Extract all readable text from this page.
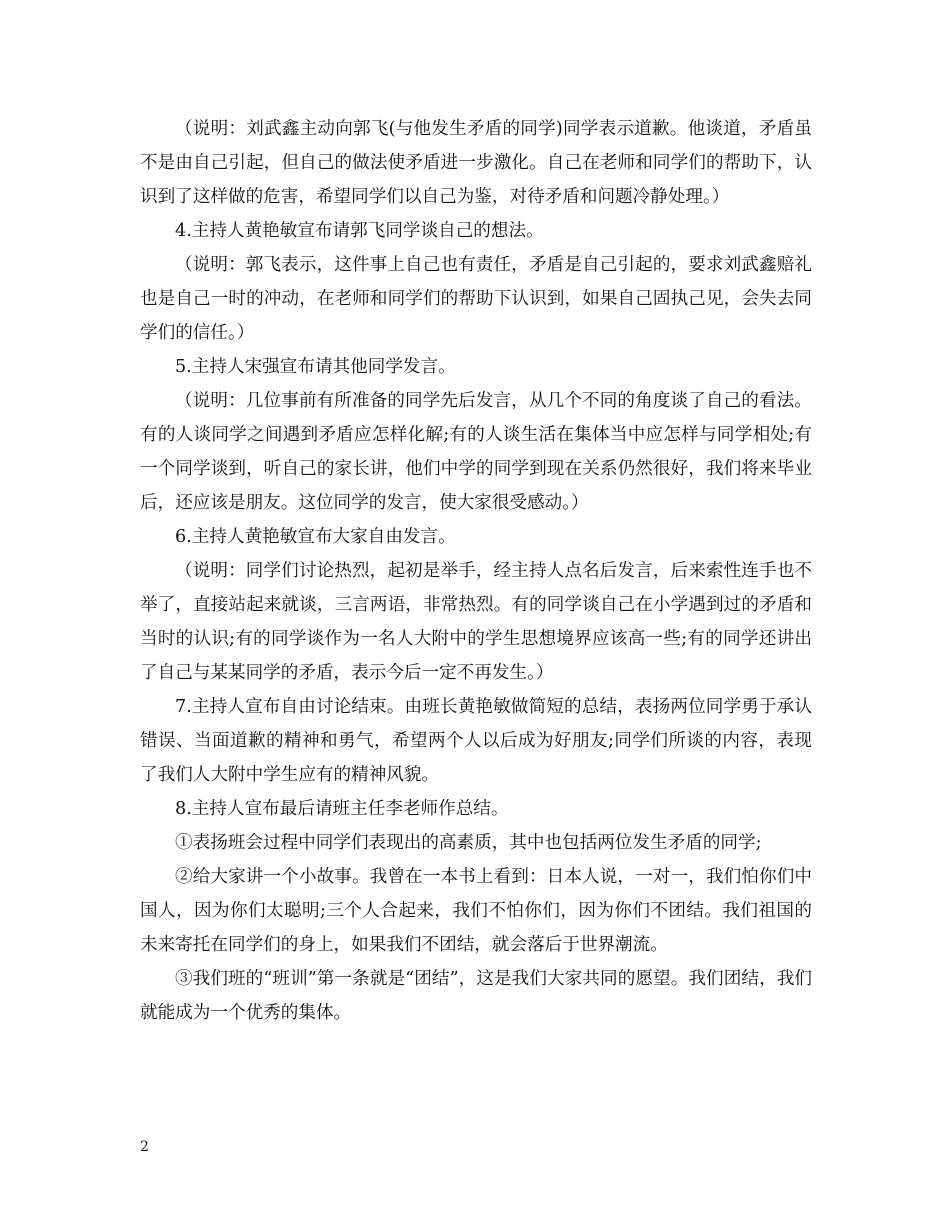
（说明：刘武鑫主动向郭飞(与他发生矛盾的同学)同学表示道歉。他谈道，矛盾虽不是由自己引起，但自己的做法使矛盾进一步激化。自己在老师和同学们的帮助下，认识到了这样做的危害，希望同学们以自己为鉴，对待矛盾和问题冷静处理。）

4.主持人黄艳敏宣布请郭飞同学谈自己的想法。

（说明：郭飞表示，这件事上自己也有责任，矛盾是自己引起的，要求刘武鑫赔礼也是自己一时的冲动，在老师和同学们的帮助下认识到，如果自己固执己见，会失去同学们的信任。）

5.主持人宋强宣布请其他同学发言。

（说明：几位事前有所准备的同学先后发言，从几个不同的角度谈了自己的看法。有的人谈同学之间遇到矛盾应怎样化解;有的人谈生活在集体当中应怎样与同学相处;有一个同学谈到，听自己的家长讲，他们中学的同学到现在关系仍然很好，我们将来毕业后，还应该是朋友。这位同学的发言，使大家很受感动。）

6.主持人黄艳敏宣布大家自由发言。

（说明：同学们讨论热烈，起初是举手，经主持人点名后发言，后来索性连手也不举了，直接站起来就谈，三言两语，非常热烈。有的同学谈自己在小学遇到过的矛盾和当时的认识;有的同学谈作为一名人大附中的学生思想境界应该高一些;有的同学还讲出了自己与某某同学的矛盾，表示今后一定不再发生。）

7.主持人宣布自由讨论结束。由班长黄艳敏做简短的总结，表扬两位同学勇于承认错误、当面道歉的精神和勇气，希望两个人以后成为好朋友;同学们所谈的内容，表现了我们人大附中学生应有的精神风貌。

8.主持人宣布最后请班主任李老师作总结。

①表扬班会过程中同学们表现出的高素质，其中也包括两位发生矛盾的同学;

②给大家讲一个小故事。我曾在一本书上看到：日本人说，一对一，我们怕你们中国人，因为你们太聪明;三个人合起来，我们不怕你们，因为你们不团结。我们祖国的未来寄托在同学们的身上，如果我们不团结，就会落后于世界潮流。

③我们班的“班训”第一条就是“团结”，这是我们大家共同的愿望。我们团结，我们就能成为一个优秀的集体。

2
